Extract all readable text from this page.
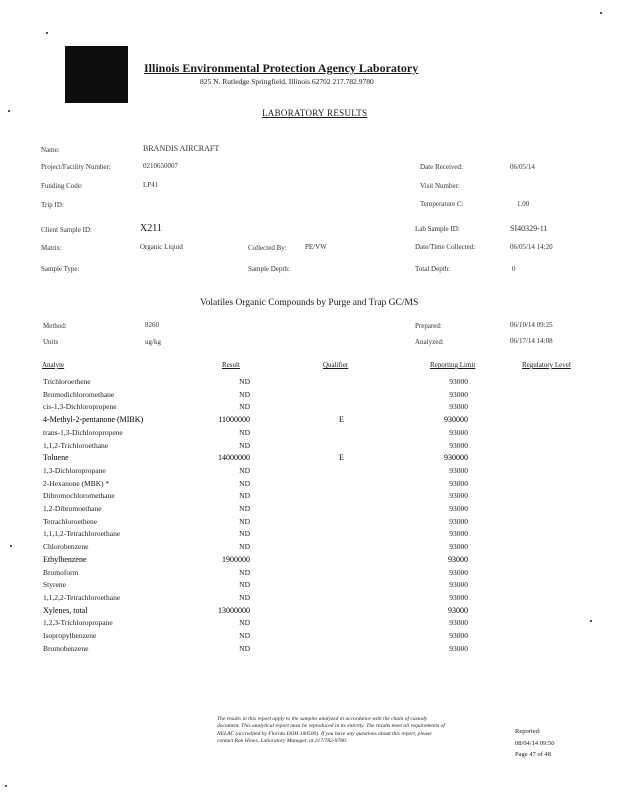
Illinois Environmental Protection Agency Laboratory
825 N. Rutledge Springfield, Illinois 62702 217.782.9780
LABORATORY RESULTS
Name:	BRANDIS AIRCRAFT
Project/Facility Number:	0210650007	Date Received:	06/05/14
Funding Code:	LP41	Visit Number:
Trip ID:	Temperature C:	1.00
Client Sample ID:	X211	Lab Sample ID:	SI40329-11
Matrix:	Organic Liquid	Collected By:	PE/VW	Date/Time Collected:	06/05/14 14:20
Sample Type:	Sample Depth:	Total Depth:	0
Volatiles Organic Compounds by Purge and Trap GC/MS
Method:	8260	Prepared:	06/10/14 09:25
Units	ug/kg	Analyzed:	06/17/14 14:08
Analyte	Result	Qualifier	Reporting Limit	Regulatory Level
Trichloroethene	ND	93000
Bromodichloromethane	ND	93000
cis-1,3-Dichloropropene	ND	93000
4-Methyl-2-pentanone (MIBK)	11000000	E	930000
trans-1,3-Dichloropropene	ND	93000
1,1,2-Trichloroethane	ND	93000
Toluene	14000000	E	930000
1,3-Dichloropropane	ND	93000
2-Hexanone (MBK) *	ND	93000
Dibromochloromethane	ND	93000
1,2-Dibromoethane	ND	93000
Tetrachloroethene	ND	93000
1,1,1,2-Tetrachloroethane	ND	93000
Chlorobenzene	ND	93000
Ethylbenzene	1900000	93000
Bromoform	ND	93000
Styrene	ND	93000
1,1,2,2-Tetrachloroethane	ND	93000
Xylenes, total	13000000	93000
1,2,3-Trichloropropane	ND	93000
Isopropylbenzene	ND	93000
Bromobenzene	ND	93000
The results in this report apply to the samples analyzed in accordance with the chain of custody document. This analytical report must be reproduced in its entirety. The results meet all requirements of NELAC (accredited by Florida DOH 100500). If you have any questions about this report, please contact Ron Hines, Laboratory Manager, at 217/782-9780.
Reported:
08/04/14 09:50
Page 47 of 48
